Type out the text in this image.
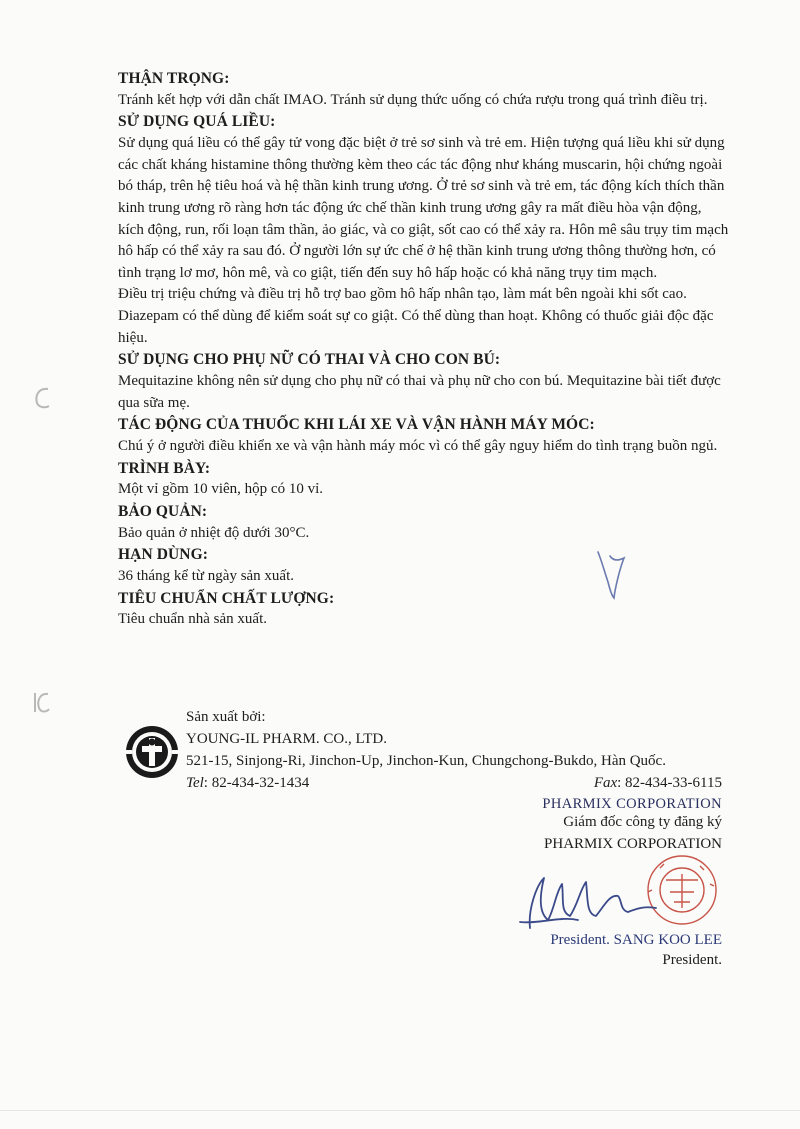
THẬN TRỌNG:

Tránh kết hợp với dẫn chất IMAO. Tránh sử dụng thức uống có chứa rượu trong quá trình điều trị.

SỬ DỤNG QUÁ LIỀU:

Sử dụng quá liều có thể gây tử vong đặc biệt ở trẻ sơ sinh và trẻ em. Hiện tượng quá liều khi sử dụng các chất kháng histamine thông thường kèm theo các tác động như kháng muscarin, hội chứng ngoài bó tháp, trên hệ tiêu hoá và hệ thần kinh trung ương. Ở trẻ sơ sinh và trẻ em, tác động kích thích thần kinh trung ương rõ ràng hơn tác động ức chế thần kinh trung ương gây ra mất điều hòa vận động, kích động, run, rối loạn tâm thần, ảo giác, và co giật, sốt cao có thể xảy ra. Hôn mê sâu trụy tim mạch hô hấp có thể xảy ra sau đó. Ở người lớn sự ức chế ở hệ thần kinh trung ương thông thường hơn, có tình trạng lơ mơ, hôn mê, và co giật, tiến đến suy hô hấp hoặc có khả năng trụy tim mạch.

Điều trị triệu chứng và điều trị hỗ trợ bao gồm hô hấp nhân tạo, làm mát bên ngoài khi sốt cao. Diazepam có thể dùng để kiểm soát sự co giật. Có thể dùng than hoạt. Không có thuốc giải độc đặc hiệu.

SỬ DỤNG CHO PHỤ NỮ CÓ THAI VÀ CHO CON BÚ:

Mequitazine không nên sử dụng cho phụ nữ có thai và phụ nữ cho con bú. Mequitazine bài tiết được qua sữa mẹ.

TÁC ĐỘNG CỦA THUỐC KHI LÁI XE VÀ VẬN HÀNH MÁY MÓC:

Chú ý ở người điều khiển xe và vận hành máy móc vì có thể gây nguy hiểm do tình trạng buồn ngủ.

TRÌNH BÀY:

Một vỉ gồm 10 viên, hộp có 10 vỉ.

BẢO QUẢN:

Bảo quản ở nhiệt độ dưới 30°C.

HẠN DÙNG:

36 tháng kể từ ngày sản xuất.

TIÊU CHUẨN CHẤT LƯỢNG:

Tiêu chuẩn nhà sản xuất.

Sản xuất bởi:
YOUNG-IL PHARM. CO., LTD.
521-15, Sinjong-Ri, Jinchon-Up, Jinchon-Kun, Chungchong-Bukdo, Hàn Quốc.
Tel: 82-434-32-1434	Fax: 82-434-33-6115
PHARMIX CORPORATION
Giám đốc công ty đăng ký
PHARMIX CORPORATION
President. SANG KOO LEE
President.
